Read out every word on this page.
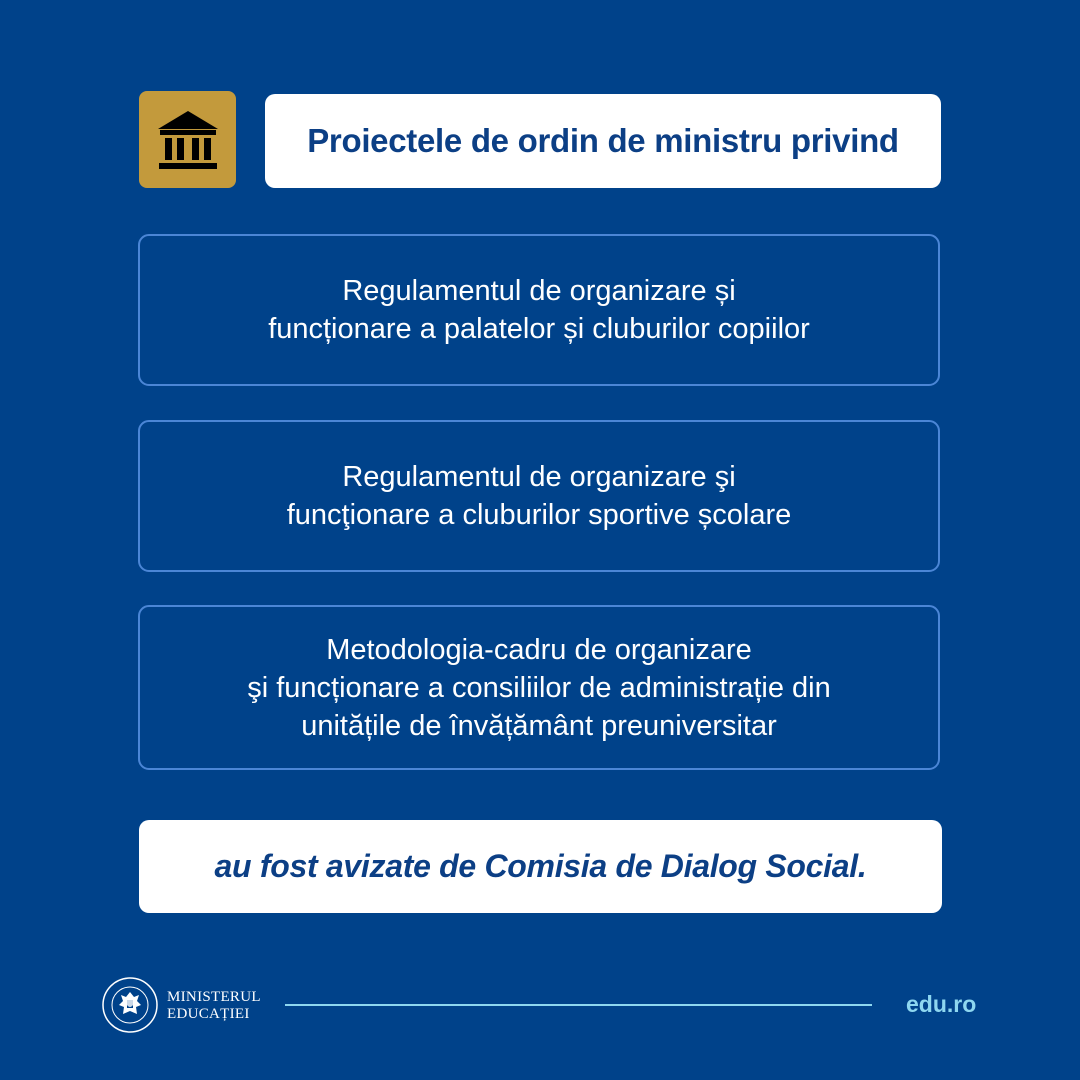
Proiectele de ordin de ministru privind
Regulamentul de organizare și
funcționare a palatelor și cluburilor copiilor
Regulamentul de organizare şi
funcţionare a cluburilor sportive școlare
Metodologia-cadru de organizare
şi funcționare a consiliilor de administrație din
unitățile de învățământ preuniversitar
au fost avizate de Comisia de Dialog Social.
MINISTERUL
EDUCAȚIEI	edu.ro
